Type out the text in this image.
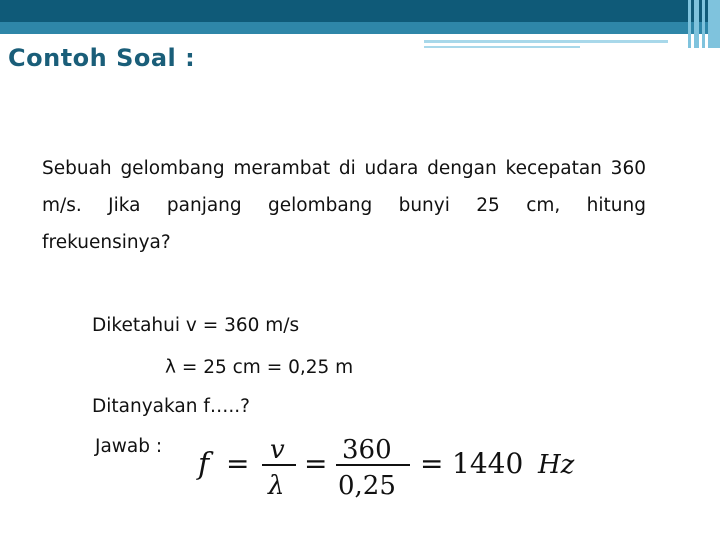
Contoh Soal :
Sebuah gelombang merambat di udara dengan kecepatan 360 m/s. Jika panjang gelombang bunyi 25 cm, hitung frekuensinya?
Diketahui v = 360 m/s
λ = 25 cm = 0,25 m
Ditanyakan f…..?
Jawab :
f = v
λ
= 360
0,25
= 1440 Hz
